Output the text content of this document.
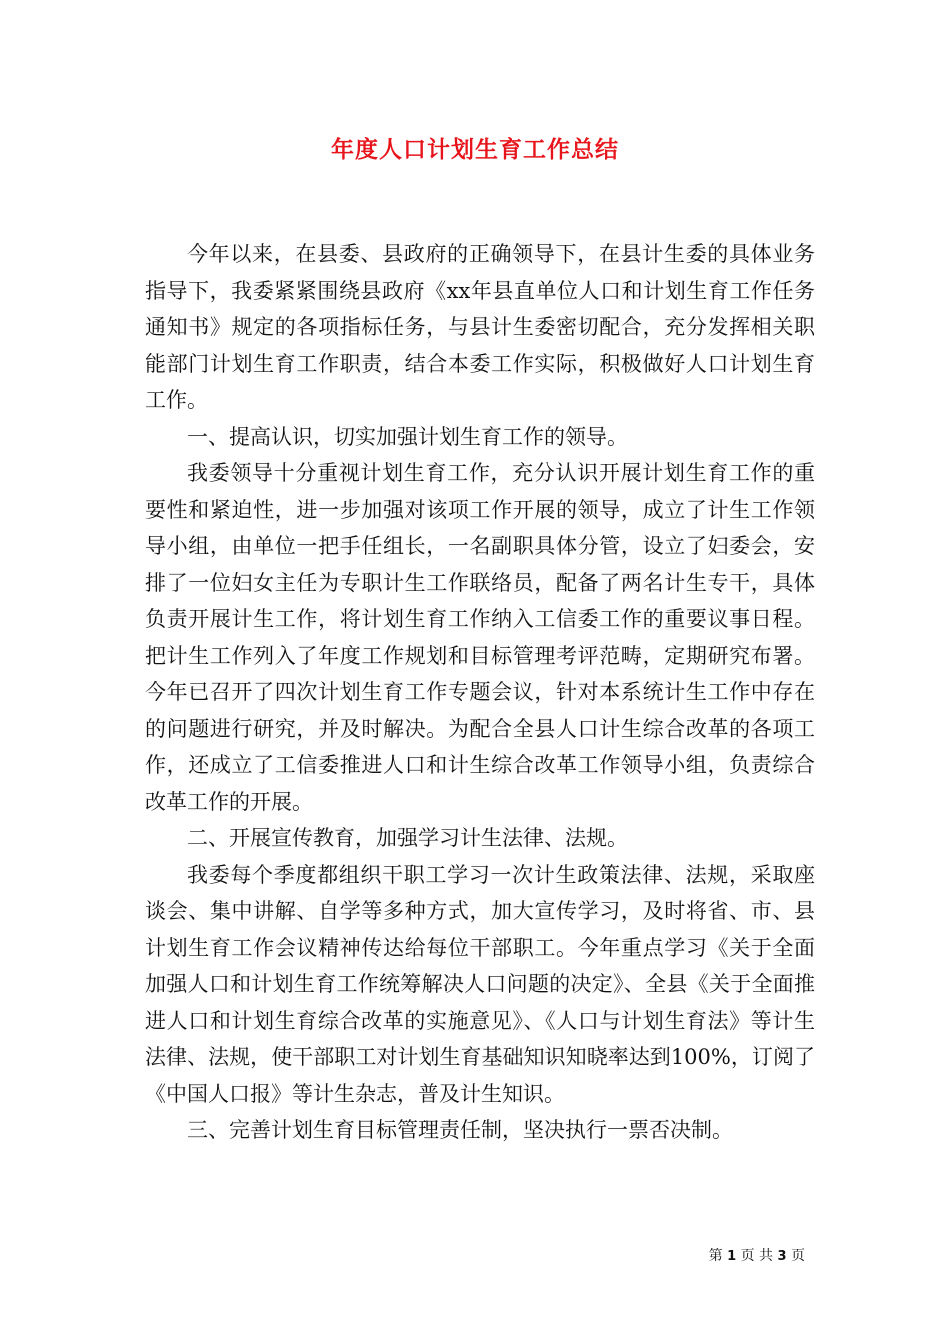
年度人口计划生育工作总结

今年以来，在县委、县政府的正确领导下，在县计生委的具体业务指导下，我委紧紧围绕县政府《xx年县直单位人口和计划生育工作任务通知书》规定的各项指标任务，与县计生委密切配合，充分发挥相关职能部门计划生育工作职责，结合本委工作实际，积极做好人口计划生育工作。

一、提高认识，切实加强计划生育工作的领导。

我委领导十分重视计划生育工作，充分认识开展计划生育工作的重要性和紧迫性，进一步加强对该项工作开展的领导，成立了计生工作领导小组，由单位一把手任组长，一名副职具体分管，设立了妇委会，安排了一位妇女主任为专职计生工作联络员，配备了两名计生专干，具体负责开展计生工作，将计划生育工作纳入工信委工作的重要议事日程。把计生工作列入了年度工作规划和目标管理考评范畴，定期研究布署。今年已召开了四次计划生育工作专题会议，针对本系统计生工作中存在的问题进行研究，并及时解决。为配合全县人口计生综合改革的各项工作，还成立了工信委推进人口和计生综合改革工作领导小组，负责综合改革工作的开展。

二、开展宣传教育，加强学习计生法律、法规。

我委每个季度都组织干职工学习一次计生政策法律、法规，采取座谈会、集中讲解、自学等多种方式，加大宣传学习，及时将省、市、县计划生育工作会议精神传达给每位干部职工。今年重点学习《关于全面加强人口和计划生育工作统筹解决人口问题的决定》、全县《关于全面推进人口和计划生育综合改革的实施意见》、《人口与计划生育法》等计生法律、法规，使干部职工对计划生育基础知识知晓率达到100%，订阅了《中国人口报》等计生杂志，普及计生知识。

三、完善计划生育目标管理责任制，坚决执行一票否决制。

第 1 页 共 3 页
